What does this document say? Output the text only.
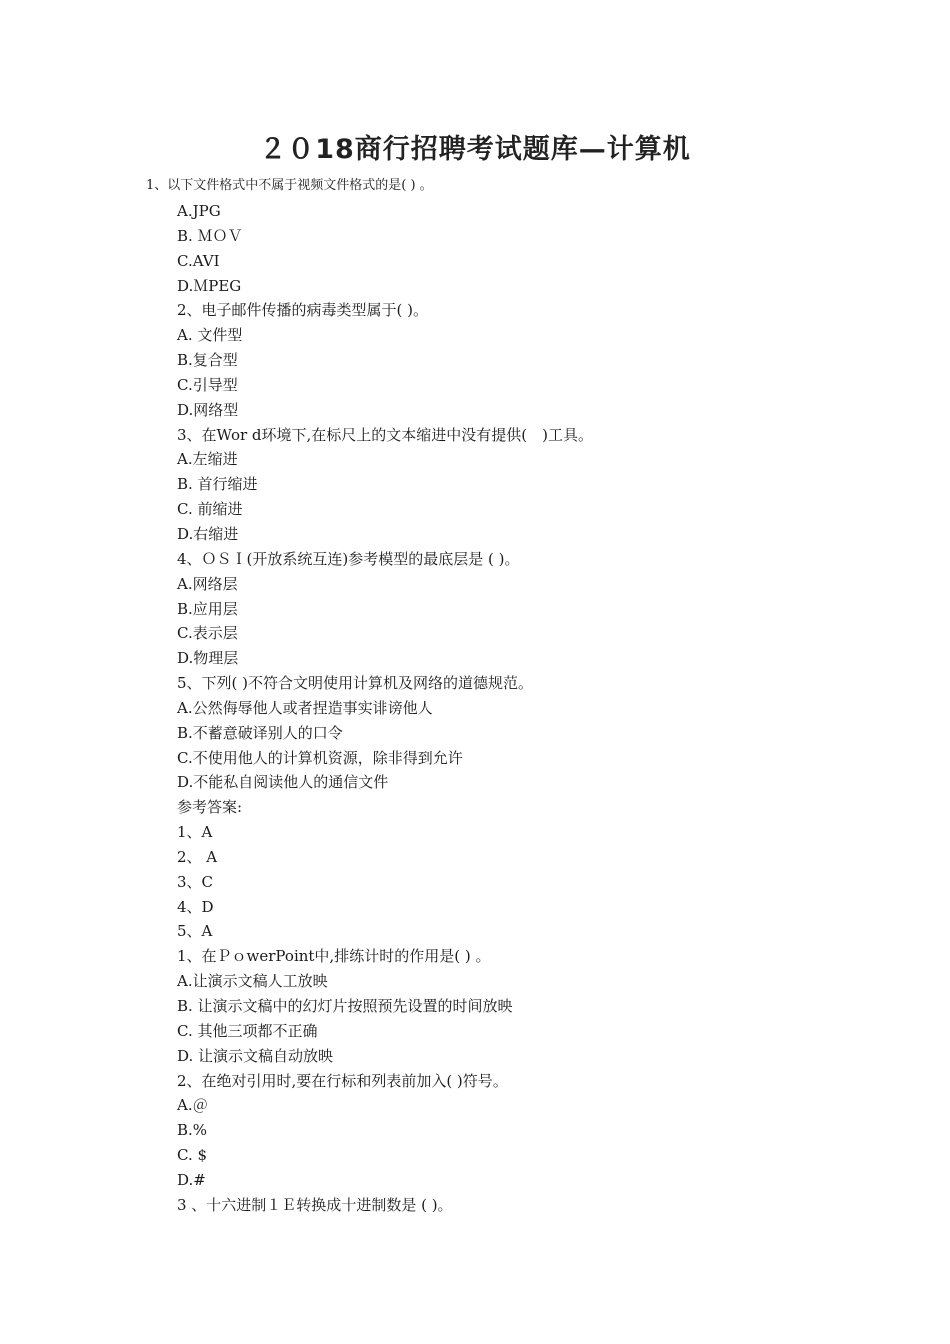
２０18商行招聘考试题库—计算机
1、以下文件格式中不属于视频文件格式的是( ) 。
A.JPG
B. ＭＯＶ
C.AVI
D.ＭPEG
2、电子邮件传播的病毒类型属于( )。
A. 文件型
B.复合型
C.引导型
D.网络型
3、在Wor d环境下,在标尺上的文本缩进中没有提供(　)工具。
A.左缩进
B. 首行缩进
C. 前缩进
D.右缩进
4、ＯＳＩ(开放系统互连)参考模型的最底层是 ( )。
A.网络层
B.应用层
C.表示层
D.物理层
5、下列( )不符合文明使用计算机及网络的道德规范。
A.公然侮辱他人或者捏造事实诽谤他人
B.不蓄意破译别人的口令
C.不使用他人的计算机资源，除非得到允许
D.不能私自阅读他人的通信文件
参考答案:
1、A
2、 A
3、C
4、D
5、A
1、在ＰｏwerPoint中,排练计时的作用是( ) 。
A.让演示文稿人工放映
B. 让演示文稿中的幻灯片按照预先设置的时间放映
C. 其他三项都不正确
D. 让演示文稿自动放映
2、在绝对引用时,要在行标和列表前加入( )符号。
A.＠
B.%
C. $
D.#
3 、十六进制１Ｅ转换成十进制数是 ( )。
